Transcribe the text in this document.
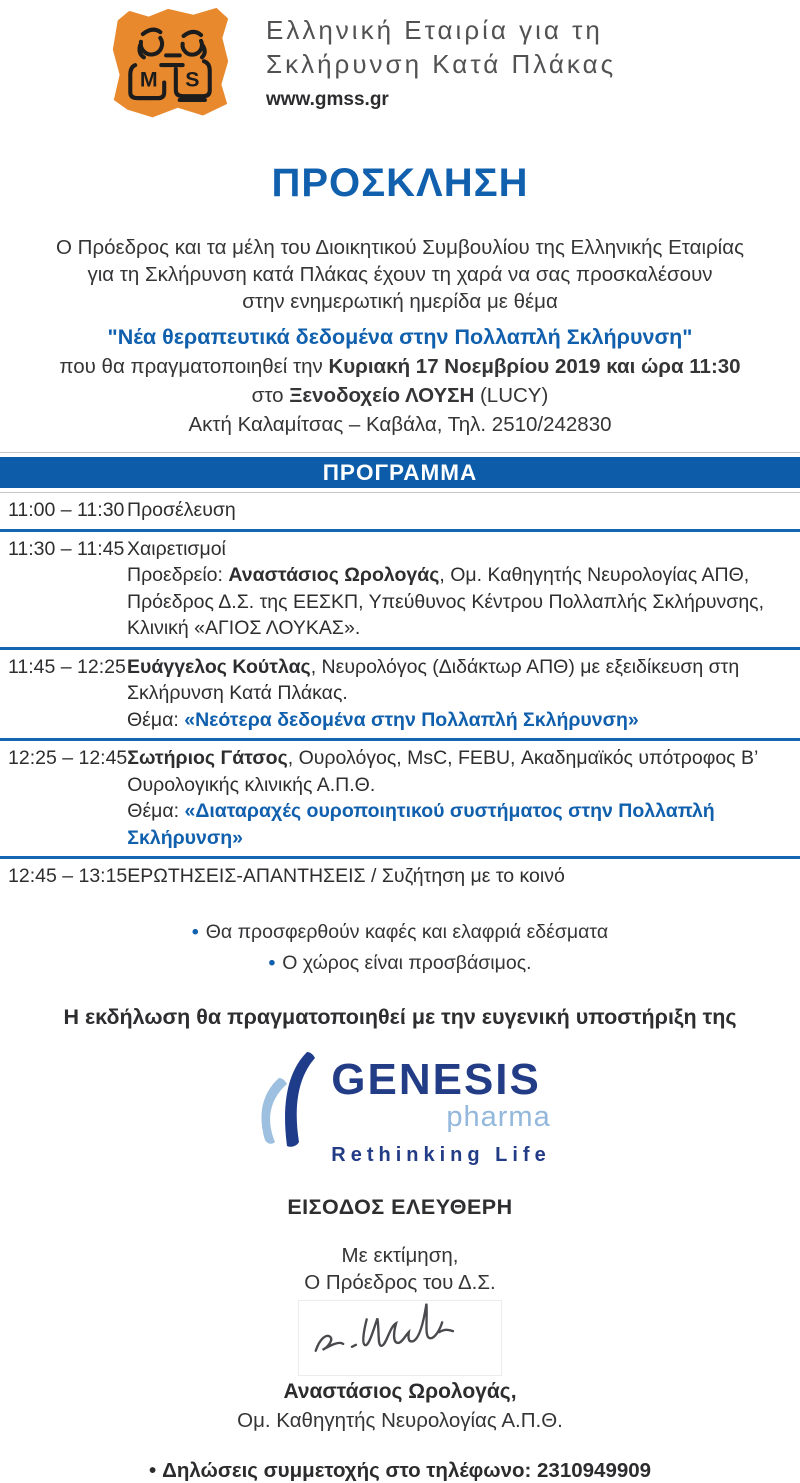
M S
Ελληνική Εταιρία για τη
Σκλήρυνση Κατά Πλάκας
www.gmss.gr
ΠΡΟΣΚΛΗΣΗ
Ο Πρόεδρος και τα μέλη του Διοικητικού Συμβουλίου της Ελληνικής Εταιρίας
για τη Σκλήρυνση κατά Πλάκας έχουν τη χαρά να σας προσκαλέσουν
στην ενημερωτική ημερίδα με θέμα
"Νέα θεραπευτικά δεδομένα στην Πολλαπλή Σκλήρυνση"
που θα πραγματοποιηθεί την Κυριακή 17 Νοεμβρίου 2019 και ώρα 11:30
στο Ξενοδοχείο ΛΟΥΣΗ (LUCY)
Ακτή Καλαμίτσας – Καβάλα, Τηλ. 2510/242830
ΠΡΟΓΡΑΜΜΑ
11:00 – 11:30 Προσέλευση
11:30 – 11:45 Χαιρετισμοί
Προεδρείο: Αναστάσιος Ωρολογάς, Ομ. Καθηγητής Νευρολογίας ΑΠΘ,
Πρόεδρος Δ.Σ. της ΕΕΣΚΠ, Υπεύθυνος Κέντρου Πολλαπλής Σκλήρυνσης,
Κλινική «ΑΓΙΟΣ ΛΟΥΚΑΣ».
11:45 – 12:25 Ευάγγελος Κούτλας, Νευρολόγος (Διδάκτωρ ΑΠΘ) με εξειδίκευση στη
Σκλήρυνση Κατά Πλάκας.
Θέμα: «Νεότερα δεδομένα στην Πολλαπλή Σκλήρυνση»
12:25 – 12:45 Σωτήριος Γάτσος, Ουρολόγος, MsC, FEBU, Ακαδημαϊκός υπότροφος Β’
Ουρολογικής κλινικής Α.Π.Θ.
Θέμα: «Διαταραχές ουροποιητικού συστήματος στην Πολλαπλή
Σκλήρυνση»
12:45 – 13:15 ΕΡΩΤΗΣΕΙΣ-ΑΠΑΝΤΗΣΕΙΣ / Συζήτηση με το κοινό
• Θα προσφερθούν καφές και ελαφριά εδέσματα
• Ο χώρος είναι προσβάσιμος.
Η εκδήλωση θα πραγματοποιηθεί με την ευγενική υποστήριξη της
GENESIS
pharma
Rethinking Life
ΕΙΣΟΔΟΣ ΕΛΕΥΘΕΡΗ
Με εκτίμηση,
Ο Πρόεδρος του Δ.Σ.
Αναστάσιος Ωρολογάς,
Ομ. Καθηγητής Νευρολογίας Α.Π.Θ.
• Δηλώσεις συμμετοχής στο τηλέφωνο: 2310949909
